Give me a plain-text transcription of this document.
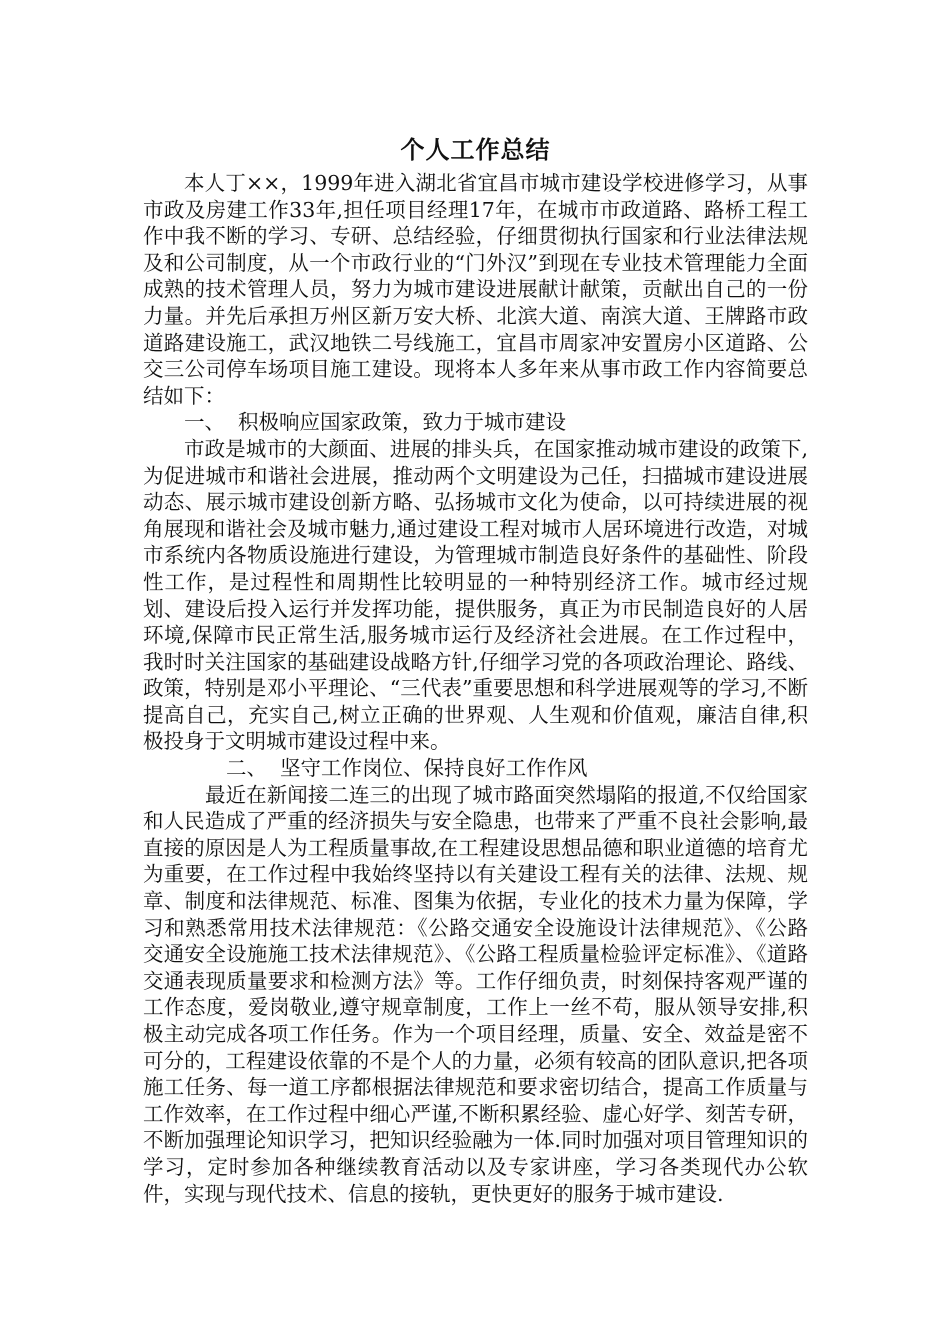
个人工作总结

本人丁××，1999年进入湖北省宜昌市城市建设学校进修学习，从事市政及房建工作33年,担任项目经理17年，在城市市政道路、路桥工程工作中我不断的学习、专研、总结经验，仔细贯彻执行国家和行业法律法规及和公司制度，从一个市政行业的“门外汉”到现在专业技术管理能力全面成熟的技术管理人员，努力为城市建设进展献计献策，贡献出自己的一份力量。并先后承担万州区新万安大桥、北滨大道、南滨大道、王牌路市政道路建设施工，武汉地铁二号线施工，宜昌市周家冲安置房小区道路、公交三公司停车场项目施工建设。现将本人多年来从事市政工作内容简要总结如下：

一、  积极响应国家政策，致力于城市建设

市政是城市的大颜面、进展的排头兵，在国家推动城市建设的政策下,为促进城市和谐社会进展，推动两个文明建设为己任，扫描城市建设进展动态、展示城市建设创新方略、弘扬城市文化为使命，以可持续进展的视角展现和谐社会及城市魅力,通过建设工程对城市人居环境进行改造，对城市系统内各物质设施进行建设，为管理城市制造良好条件的基础性、阶段性工作，是过程性和周期性比较明显的一种特别经济工作。城市经过规划、建设后投入运行并发挥功能，提供服务，真正为市民制造良好的人居环境,保障市民正常生活,服务城市运行及经济社会进展。在工作过程中，我时时关注国家的基础建设战略方针,仔细学习党的各项政治理论、路线、政策，特别是邓小平理论、“三代表”重要思想和科学进展观等的学习,不断提高自己，充实自己,树立正确的世界观、人生观和价值观，廉洁自律,积极投身于文明城市建设过程中来。

二、  坚守工作岗位、保持良好工作作风

最近在新闻接二连三的出现了城市路面突然塌陷的报道,不仅给国家和人民造成了严重的经济损失与安全隐患，也带来了严重不良社会影响,最直接的原因是人为工程质量事故,在工程建设思想品德和职业道德的培育尤为重要，在工作过程中我始终坚持以有关建设工程有关的法律、法规、规章、制度和法律规范、标准、图集为依据，专业化的技术力量为保障，学习和熟悉常用技术法律规范：《公路交通安全设施设计法律规范》、《公路交通安全设施施工技术法律规范》、《公路工程质量检验评定标准》、《道路交通表现质量要求和检测方法》等。工作仔细负责，时刻保持客观严谨的工作态度，爱岗敬业,遵守规章制度，工作上一丝不苟，服从领导安排,积极主动完成各项工作任务。作为一个项目经理，质量、安全、效益是密不可分的，工程建设依靠的不是个人的力量，必须有较高的团队意识,把各项施工任务、每一道工序都根据法律规范和要求密切结合，提高工作质量与工作效率，在工作过程中细心严谨,不断积累经验、虚心好学、刻苦专研，不断加强理论知识学习，把知识经验融为一体.同时加强对项目管理知识的学习，定时参加各种继续教育活动以及专家讲座，学习各类现代办公软件，实现与现代技术、信息的接轨，更快更好的服务于城市建设.
